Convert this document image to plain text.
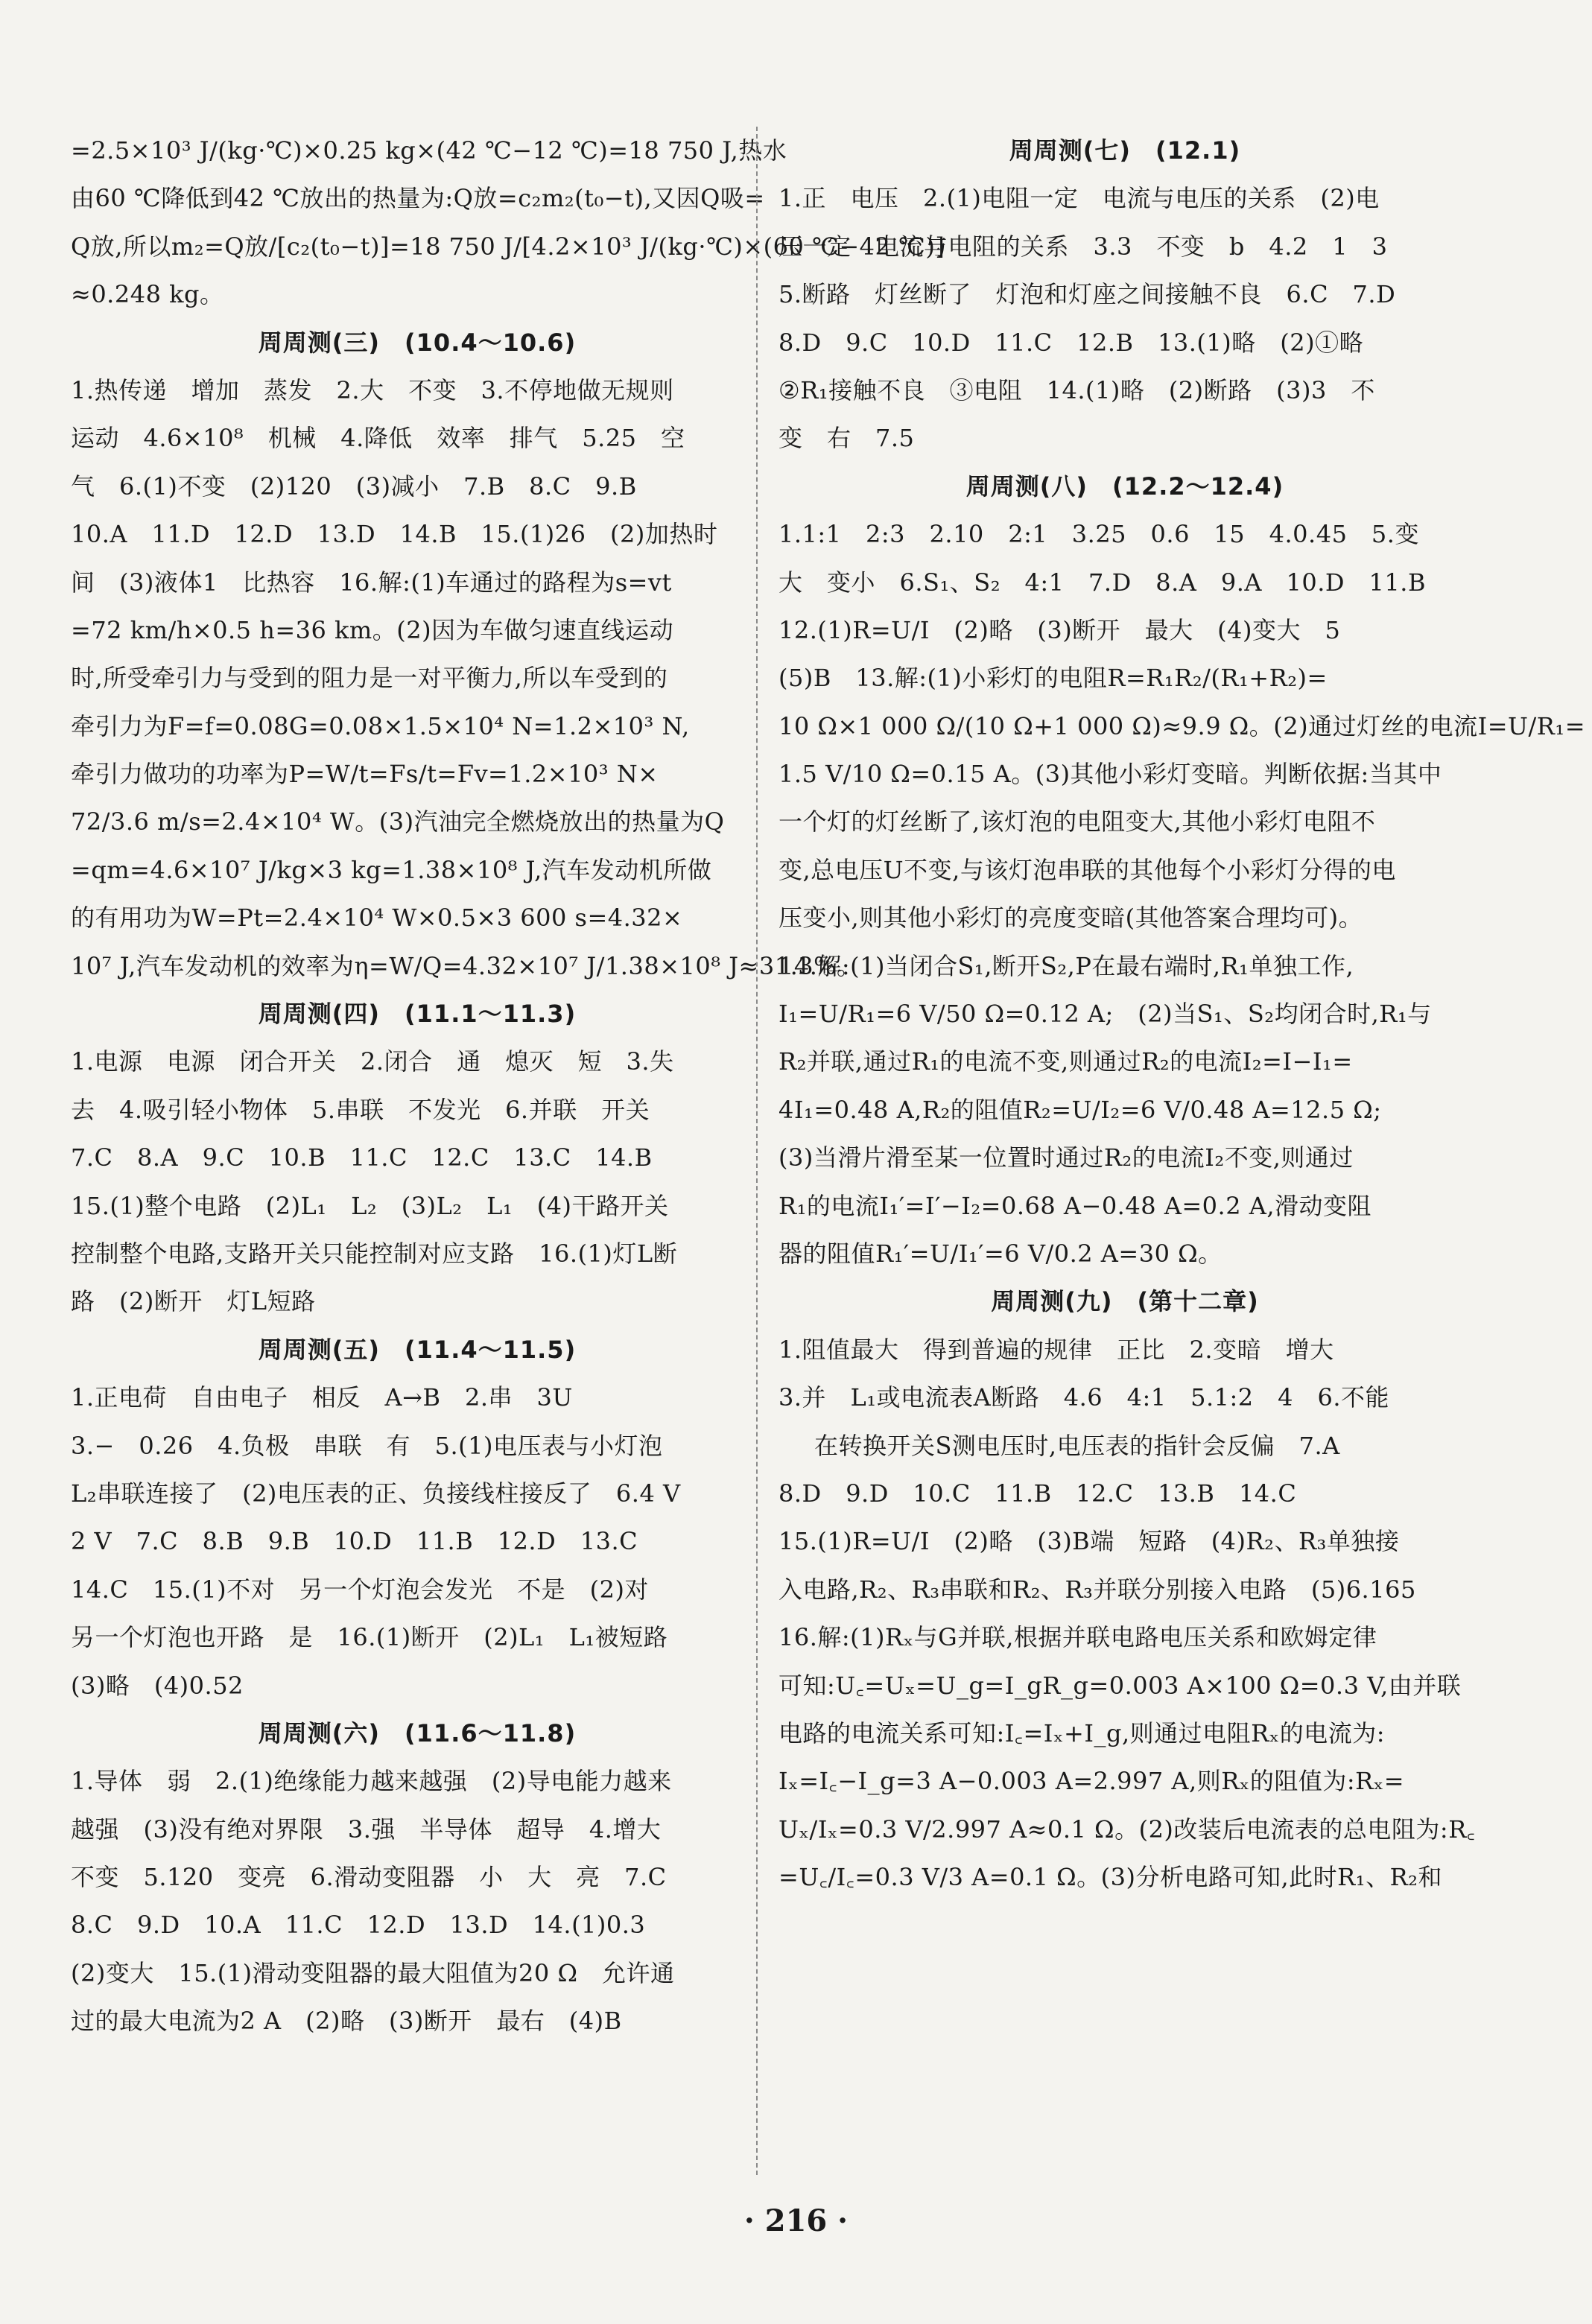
=2.5×10³ J/(kg·℃)×0.25 kg×(42 ℃−12 ℃)=18 750 J,热水
由60 ℃降低到42 ℃放出的热量为:Q放=c₂m₂(t₀−t),又因Q吸=
Q放,所以m₂=Q放/[c₂(t₀−t)]=18 750 J/[4.2×10³ J/(kg·℃)×(60 ℃−42 ℃)]
≈0.248 kg。
周周测(三)　(10.4～10.6)
1.热传递　增加　蒸发　2.大　不变　3.不停地做无规则
运动　4.6×10⁸　机械　4.降低　效率　排气　5.25　空
气　6.(1)不变　(2)120　(3)减小　7.B　8.C　9.B
10.A　11.D　12.D　13.D　14.B　15.(1)26　(2)加热时
间　(3)液体1　比热容　16.解:(1)车通过的路程为s=vt
=72 km/h×0.5 h=36 km。(2)因为车做匀速直线运动
时,所受牵引力与受到的阻力是一对平衡力,所以车受到的
牵引力为F=f=0.08G=0.08×1.5×10⁴ N=1.2×10³ N,
牵引力做功的功率为P=W/t=Fs/t=Fv=1.2×10³ N×
72/3.6 m/s=2.4×10⁴ W。(3)汽油完全燃烧放出的热量为Q
=qm=4.6×10⁷ J/kg×3 kg=1.38×10⁸ J,汽车发动机所做
的有用功为W=Pt=2.4×10⁴ W×0.5×3 600 s=4.32×
10⁷ J,汽车发动机的效率为η=W/Q=4.32×10⁷ J/1.38×10⁸ J≈31.3%。
周周测(四)　(11.1～11.3)
1.电源　电源　闭合开关　2.闭合　通　熄灭　短　3.失
去　4.吸引轻小物体　5.串联　不发光　6.并联　开关
7.C　8.A　9.C　10.B　11.C　12.C　13.C　14.B
15.(1)整个电路　(2)L₁　L₂　(3)L₂　L₁　(4)干路开关
控制整个电路,支路开关只能控制对应支路　16.(1)灯L断
路　(2)断开　灯L短路
周周测(五)　(11.4～11.5)
1.正电荷　自由电子　相反　A→B　2.串　3U
3.−　0.26　4.负极　串联　有　5.(1)电压表与小灯泡
L₂串联连接了　(2)电压表的正、负接线柱接反了　6.4 V
2 V　7.C　8.B　9.B　10.D　11.B　12.D　13.C
14.C　15.(1)不对　另一个灯泡会发光　不是　(2)对
另一个灯泡也开路　是　16.(1)断开　(2)L₁　L₁被短路
(3)略　(4)0.52
周周测(六)　(11.6～11.8)
1.导体　弱　2.(1)绝缘能力越来越强　(2)导电能力越来
越强　(3)没有绝对界限　3.强　半导体　超导　4.增大
不变　5.120　变亮　6.滑动变阻器　小　大　亮　7.C
8.C　9.D　10.A　11.C　12.D　13.D　14.(1)0.3
(2)变大　15.(1)滑动变阻器的最大阻值为20 Ω　允许通
过的最大电流为2 A　(2)略　(3)断开　最右　(4)B
周周测(七)　(12.1)
1.正　电压　2.(1)电阻一定　电流与电压的关系　(2)电
压一定　电流与电阻的关系　3.3　不变　b　4.2　1　3
5.断路　灯丝断了　灯泡和灯座之间接触不良　6.C　7.D
8.D　9.C　10.D　11.C　12.B　13.(1)略　(2)①略
②R₁接触不良　③电阻　14.(1)略　(2)断路　(3)3　不
变　右　7.5
周周测(八)　(12.2～12.4)
1.1:1　2:3　2.10　2:1　3.25　0.6　15　4.0.45　5.变
大　变小　6.S₁、S₂　4:1　7.D　8.A　9.A　10.D　11.B
12.(1)R=U/I　(2)略　(3)断开　最大　(4)变大　5
(5)B　13.解:(1)小彩灯的电阻R=R₁R₂/(R₁+R₂)=
10 Ω×1 000 Ω/(10 Ω+1 000 Ω)≈9.9 Ω。(2)通过灯丝的电流I=U/R₁=
1.5 V/10 Ω=0.15 A。(3)其他小彩灯变暗。判断依据:当其中
一个灯的灯丝断了,该灯泡的电阻变大,其他小彩灯电阻不
变,总电压U不变,与该灯泡串联的其他每个小彩灯分得的电
压变小,则其他小彩灯的亮度变暗(其他答案合理均可)。
14.解:(1)当闭合S₁,断开S₂,P在最右端时,R₁单独工作,
I₁=U/R₁=6 V/50 Ω=0.12 A;　(2)当S₁、S₂均闭合时,R₁与
R₂并联,通过R₁的电流不变,则通过R₂的电流I₂=I−I₁=
4I₁=0.48 A,R₂的阻值R₂=U/I₂=6 V/0.48 A=12.5 Ω;
(3)当滑片滑至某一位置时通过R₂的电流I₂不变,则通过
R₁的电流I₁′=I′−I₂=0.68 A−0.48 A=0.2 A,滑动变阻
器的阻值R₁′=U/I₁′=6 V/0.2 A=30 Ω。
周周测(九)　(第十二章)
1.阻值最大　得到普遍的规律　正比　2.变暗　增大
3.并　L₁或电流表A断路　4.6　4:1　5.1:2　4　6.不能
在转换开关S测电压时,电压表的指针会反偏　7.A
8.D　9.D　10.C　11.B　12.C　13.B　14.C
15.(1)R=U/I　(2)略　(3)B端　短路　(4)R₂、R₃单独接
入电路,R₂、R₃串联和R₂、R₃并联分别接入电路　(5)6.165
16.解:(1)Rₓ与G并联,根据并联电路电压关系和欧姆定律
可知:U꜀=Uₓ=U_g=I_gR_g=0.003 A×100 Ω=0.3 V,由并联
电路的电流关系可知:I꜀=Iₓ+I_g,则通过电阻Rₓ的电流为:
Iₓ=I꜀−I_g=3 A−0.003 A=2.997 A,则Rₓ的阻值为:Rₓ=
Uₓ/Iₓ=0.3 V/2.997 A≈0.1 Ω。(2)改装后电流表的总电阻为:R꜀
=U꜀/I꜀=0.3 V/3 A=0.1 Ω。(3)分析电路可知,此时R₁、R₂和
· 216 ·
